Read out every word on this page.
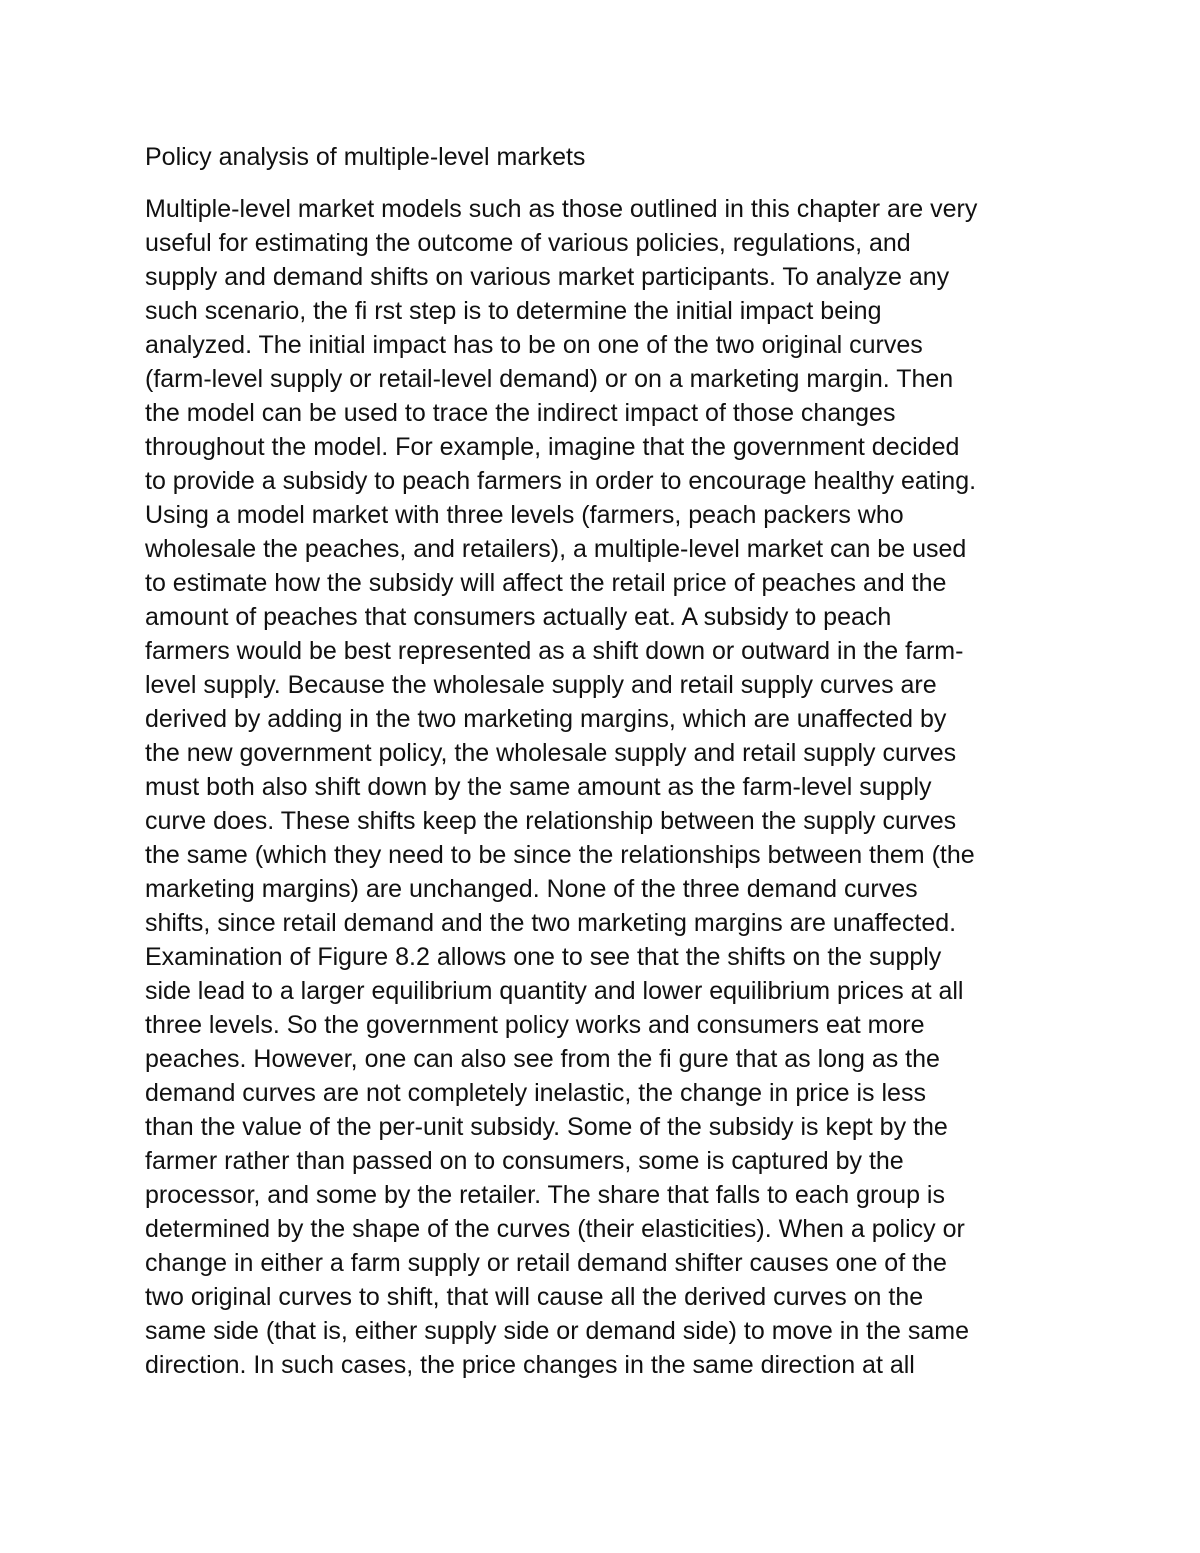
Policy analysis of multiple-level markets
Multiple-level market models such as those outlined in this chapter are very
useful for estimating the outcome of various policies, regulations, and
supply and demand shifts on various market participants. To analyze any
such scenario, the fi rst step is to determine the initial impact being
analyzed. The initial impact has to be on one of the two original curves
(farm-level supply or retail-level demand) or on a marketing margin. Then
the model can be used to trace the indirect impact of those changes
throughout the model. For example, imagine that the government decided
to provide a subsidy to peach farmers in order to encourage healthy eating.
Using a model market with three levels (farmers, peach packers who
wholesale the peaches, and retailers), a multiple-level market can be used
to estimate how the subsidy will affect the retail price of peaches and the
amount of peaches that consumers actually eat. A subsidy to peach
farmers would be best represented as a shift down or outward in the farm-
level supply. Because the wholesale supply and retail supply curves are
derived by adding in the two marketing margins, which are unaffected by
the new government policy, the wholesale supply and retail supply curves
must both also shift down by the same amount as the farm-level supply
curve does. These shifts keep the relationship between the supply curves
the same (which they need to be since the relationships between them (the
marketing margins) are unchanged. None of the three demand curves
shifts, since retail demand and the two marketing margins are unaffected.
Examination of Figure 8.2 allows one to see that the shifts on the supply
side lead to a larger equilibrium quantity and lower equilibrium prices at all
three levels. So the government policy works and consumers eat more
peaches. However, one can also see from the fi gure that as long as the
demand curves are not completely inelastic, the change in price is less
than the value of the per-unit subsidy. Some of the subsidy is kept by the
farmer rather than passed on to consumers, some is captured by the
processor, and some by the retailer. The share that falls to each group is
determined by the shape of the curves (their elasticities). When a policy or
change in either a farm supply or retail demand shifter causes one of the
two original curves to shift, that will cause all the derived curves on the
same side (that is, either supply side or demand side) to move in the same
direction. In such cases, the price changes in the same direction at all
